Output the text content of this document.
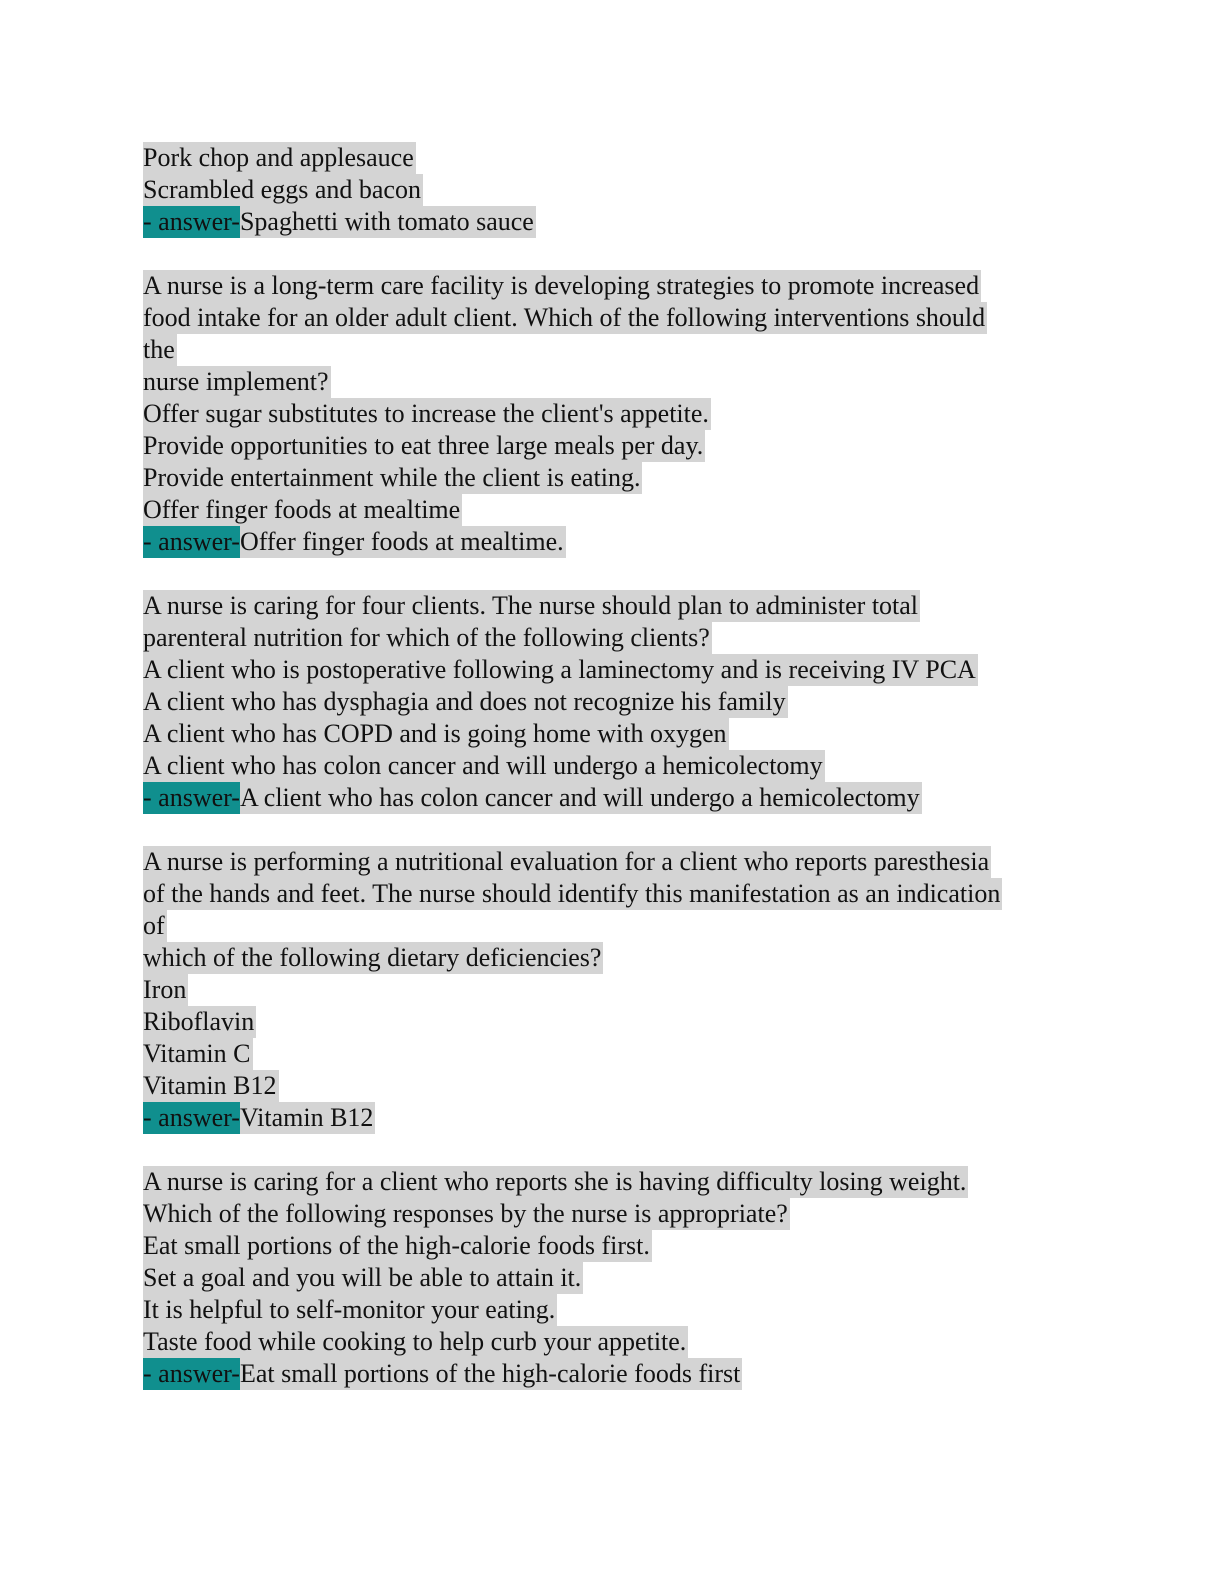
Pork chop and applesauce
Scrambled eggs and bacon
- answer-Spaghetti with tomato sauce
A nurse is a long-term care facility is developing strategies to promote increased
food intake for an older adult client. Which of the following interventions should
the
nurse implement?
Offer sugar substitutes to increase the client's appetite.
Provide opportunities to eat three large meals per day.
Provide entertainment while the client is eating.
Offer finger foods at mealtime
- answer-Offer finger foods at mealtime.
A nurse is caring for four clients. The nurse should plan to administer total
parenteral nutrition for which of the following clients?
A client who is postoperative following a laminectomy and is receiving IV PCA
A client who has dysphagia and does not recognize his family
A client who has COPD and is going home with oxygen
A client who has colon cancer and will undergo a hemicolectomy
- answer-A client who has colon cancer and will undergo a hemicolectomy
A nurse is performing a nutritional evaluation for a client who reports paresthesia
of the hands and feet. The nurse should identify this manifestation as an indication
of
which of the following dietary deficiencies?
Iron
Riboflavin
Vitamin C
Vitamin B12
- answer-Vitamin B12
A nurse is caring for a client who reports she is having difficulty losing weight.
Which of the following responses by the nurse is appropriate?
Eat small portions of the high-calorie foods first.
Set a goal and you will be able to attain it.
It is helpful to self-monitor your eating.
Taste food while cooking to help curb your appetite.
- answer-Eat small portions of the high-calorie foods first
